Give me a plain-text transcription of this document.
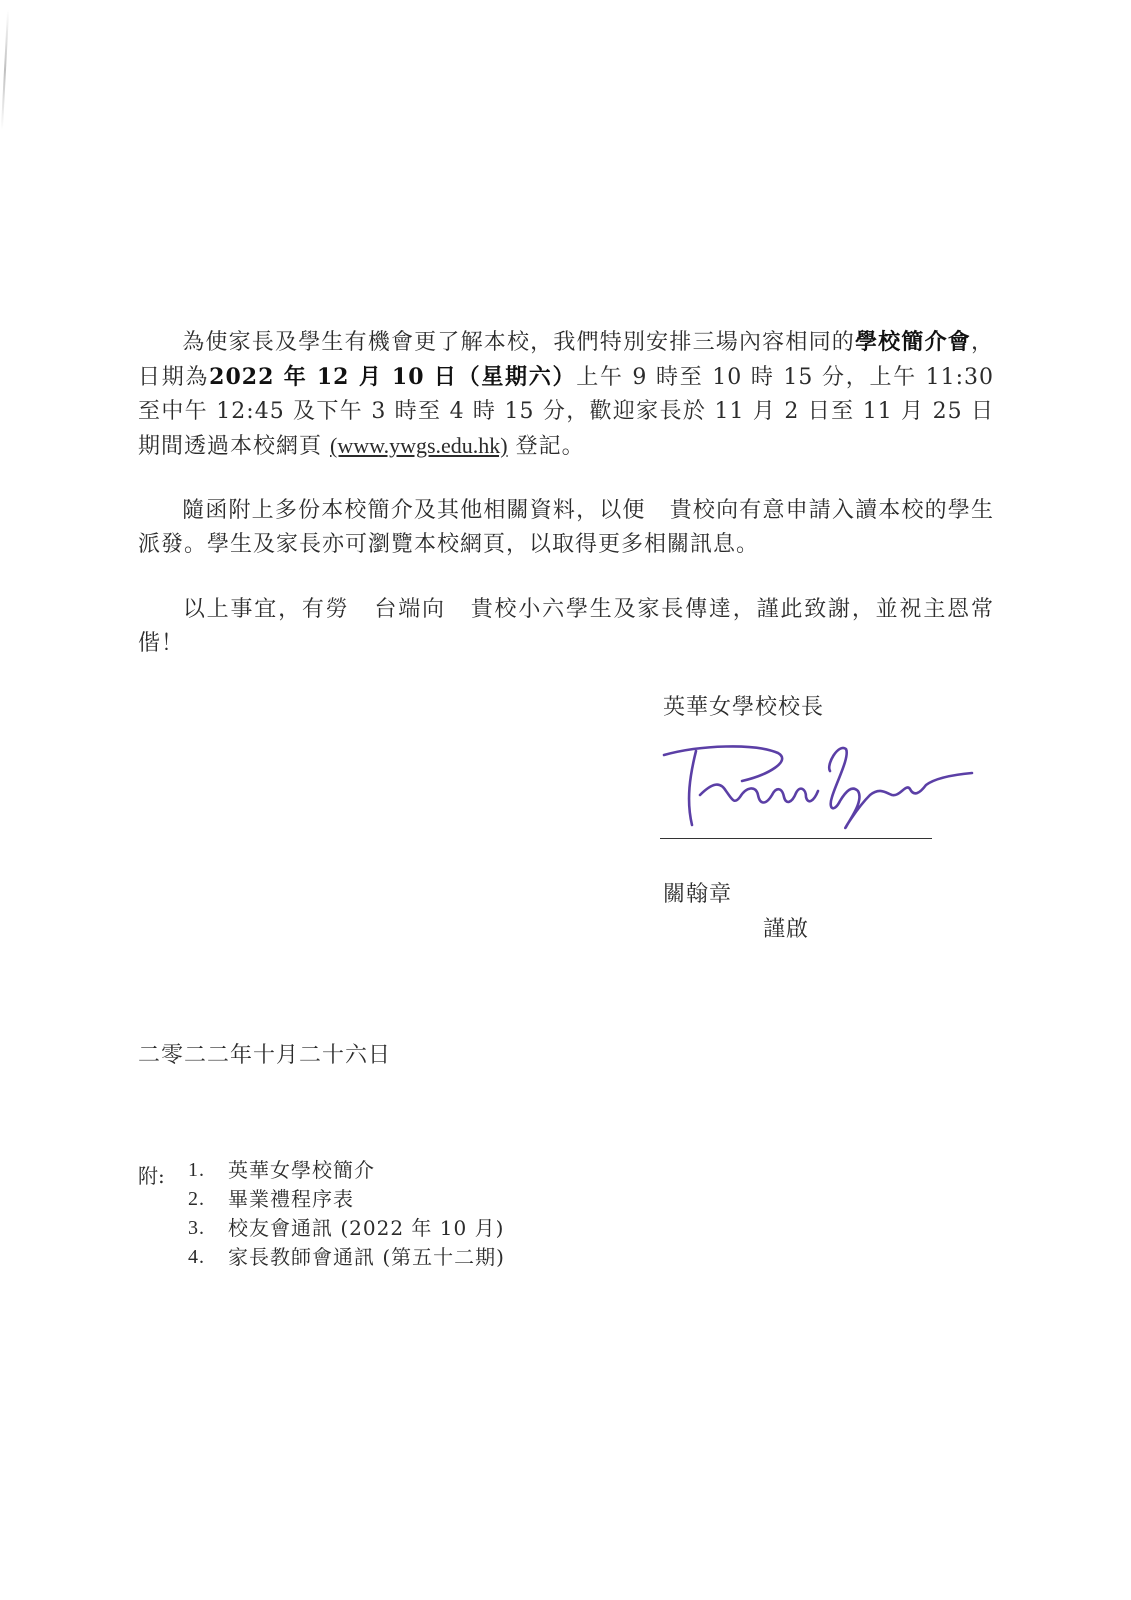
為使家長及學生有機會更了解本校，我們特別安排三場內容相同的學校簡介會，日期為2022 年 12 月 10 日（星期六）上午 9 時至 10 時 15 分，上午 11:30 至中午 12:45 及下午 3 時至 4 時 15 分，歡迎家長於 11 月 2 日至 11 月 25 日期間透過本校網頁 (www.ywgs.edu.hk) 登記。
隨函附上多份本校簡介及其他相關資料，以便 貴校向有意申請入讀本校的學生派發。學生及家長亦可瀏覽本校網頁，以取得更多相關訊息。
以上事宜，有勞 台端向 貴校小六學生及家長傳達，謹此致謝，並祝主恩常偕！
英華女學校校長
關翰章
謹啟
二零二二年十月二十六日
附: 1.	英華女學校簡介
2.	畢業禮程序表
3.	校友會通訊 (2022 年 10 月)
4.	家長教師會通訊 (第五十二期)
